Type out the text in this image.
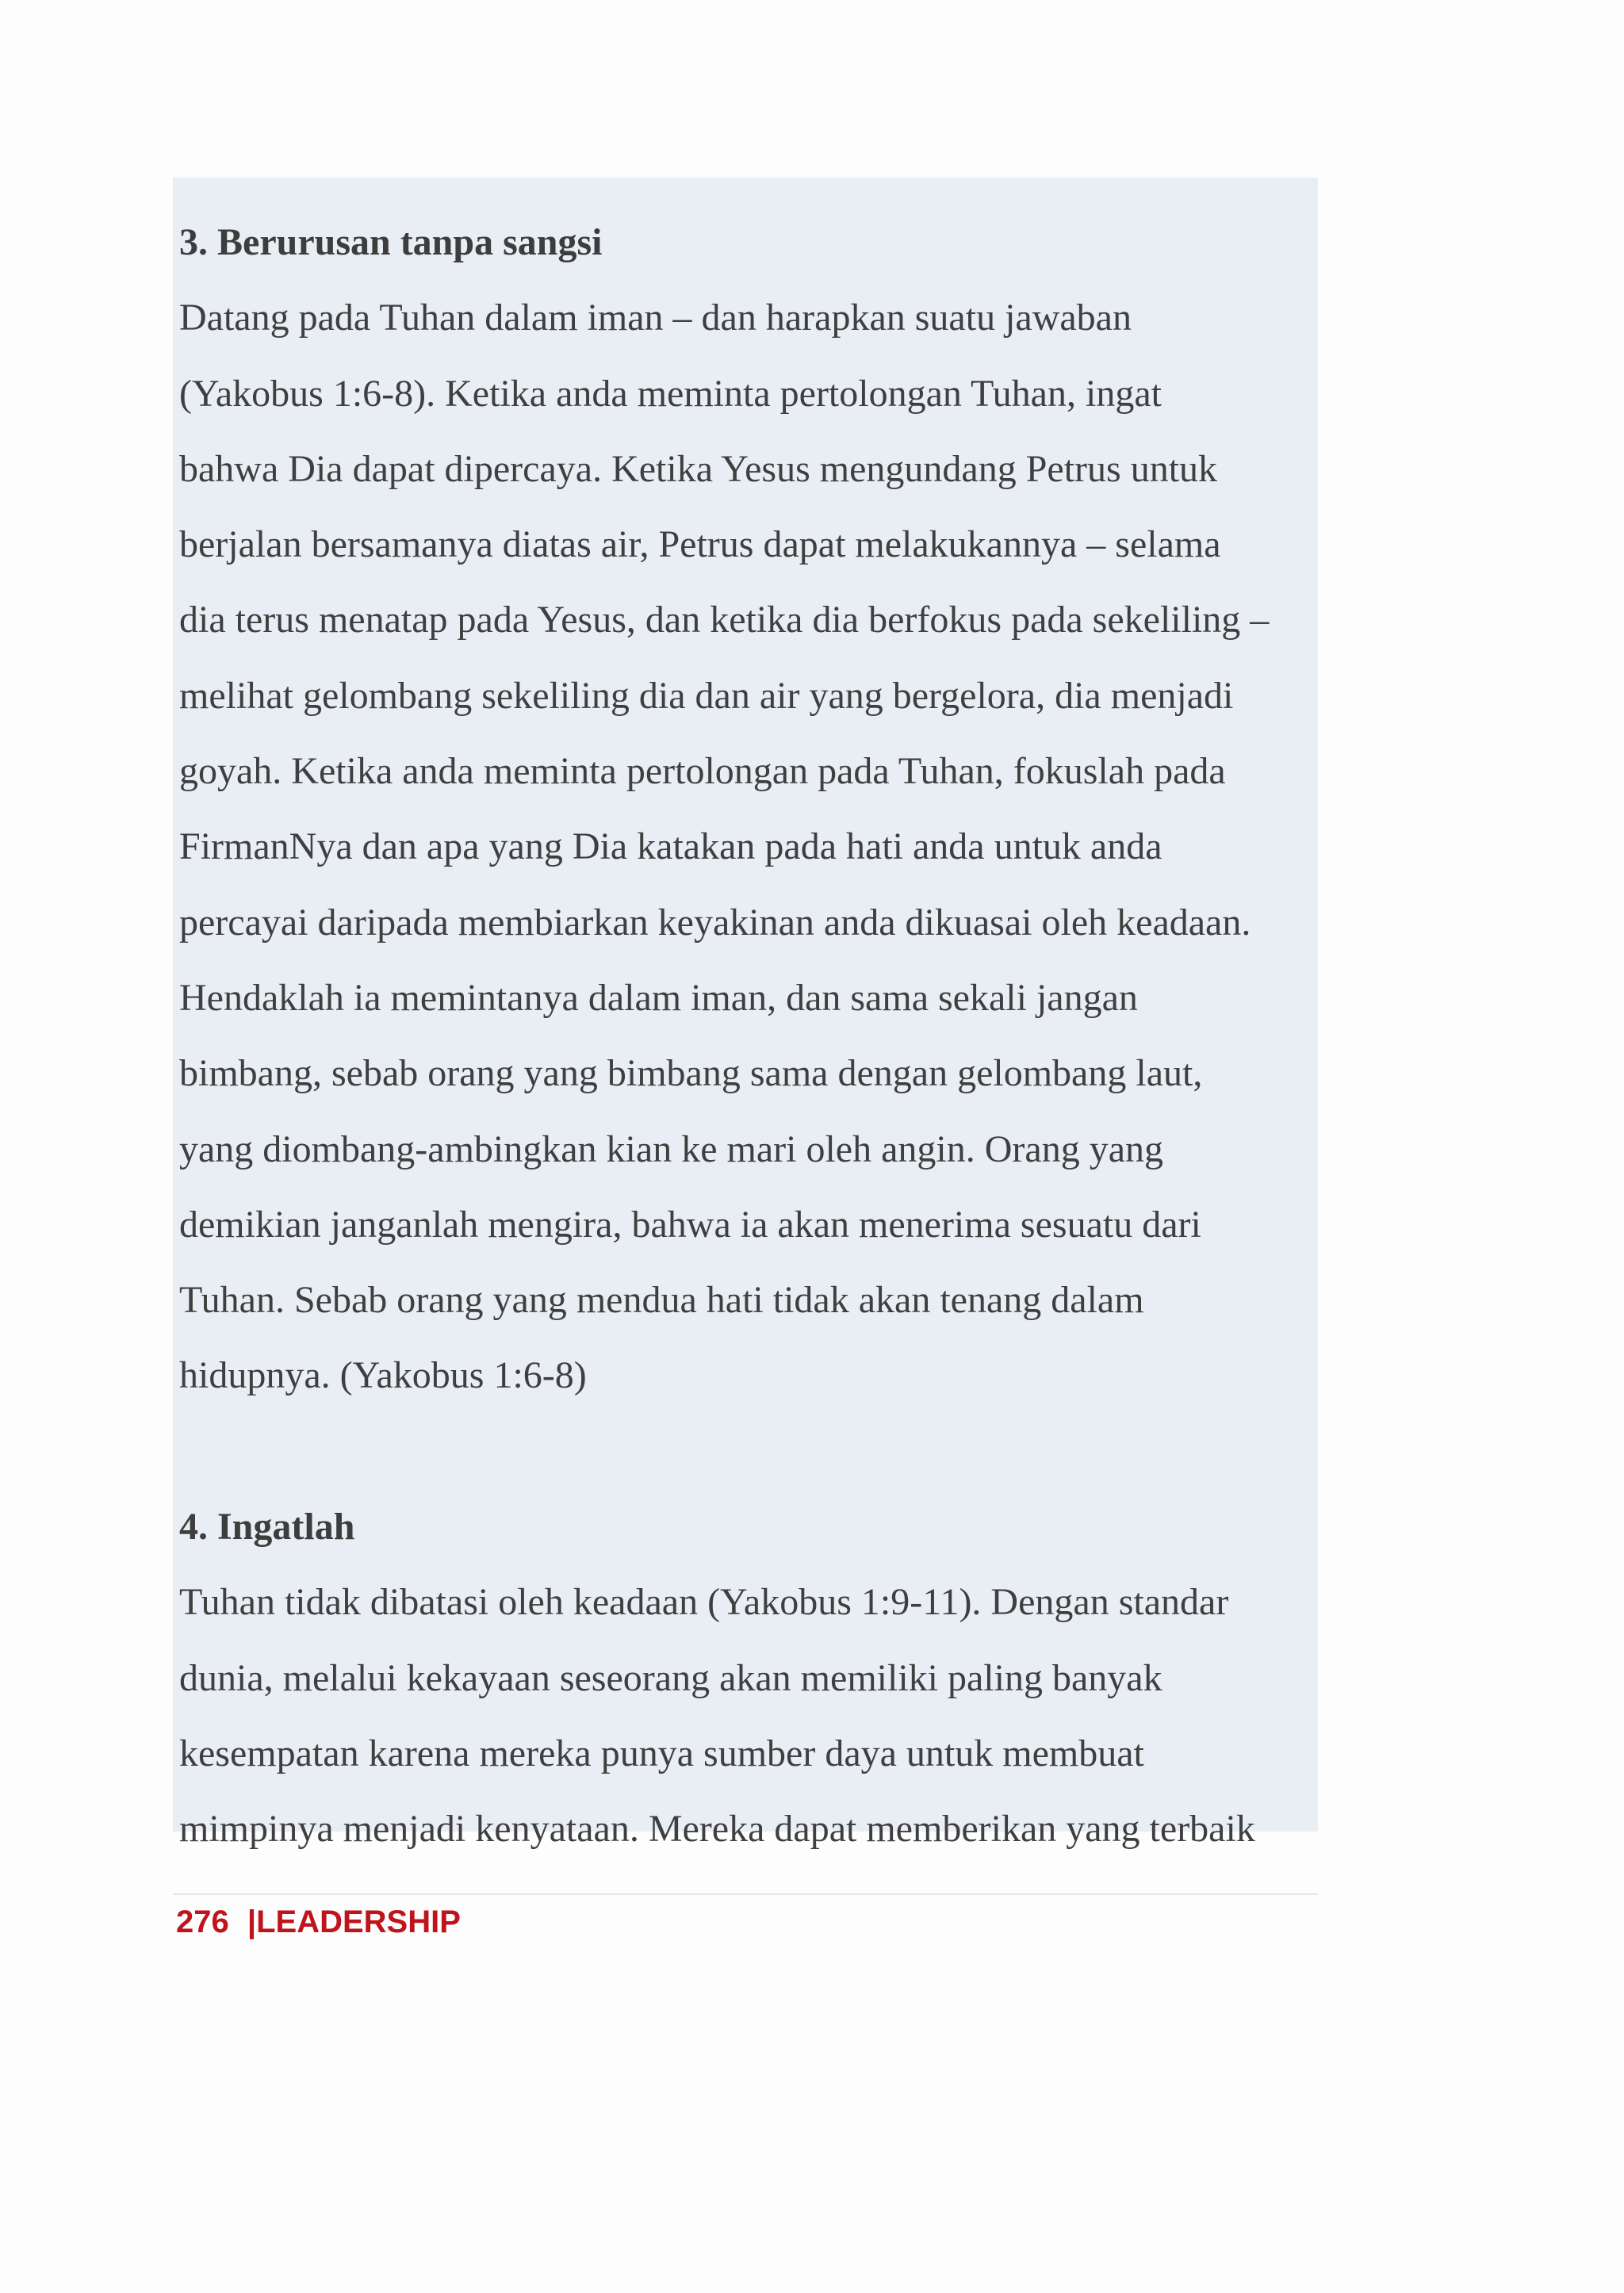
3. Berurusan tanpa sangsi
Datang pada Tuhan dalam iman – dan harapkan suatu jawaban
(Yakobus 1:6-8). Ketika anda meminta pertolongan Tuhan, ingat
bahwa Dia dapat dipercaya. Ketika Yesus mengundang Petrus untuk
berjalan bersamanya diatas air, Petrus dapat melakukannya – selama
dia terus menatap pada Yesus, dan ketika dia berfokus pada sekeliling –
melihat gelombang sekeliling dia dan air yang bergelora, dia menjadi
goyah. Ketika anda meminta pertolongan pada Tuhan, fokuslah pada
FirmanNya dan apa yang Dia katakan pada hati anda untuk anda
percayai daripada membiarkan keyakinan anda dikuasai oleh keadaan.
Hendaklah ia memintanya dalam iman, dan sama sekali jangan
bimbang, sebab orang yang bimbang sama dengan gelombang laut,
yang diombang-ambingkan kian ke mari oleh angin. Orang yang
demikian janganlah mengira, bahwa ia akan menerima sesuatu dari
Tuhan. Sebab orang yang mendua hati tidak akan tenang dalam
hidupnya. (Yakobus 1:6-8)
4. Ingatlah
Tuhan tidak dibatasi oleh keadaan (Yakobus 1:9-11). Dengan standar
dunia, melalui kekayaan seseorang akan memiliki paling banyak
kesempatan karena mereka punya sumber daya untuk membuat
mimpinya menjadi kenyataan. Mereka dapat memberikan yang terbaik
276 |LEADERSHIP
